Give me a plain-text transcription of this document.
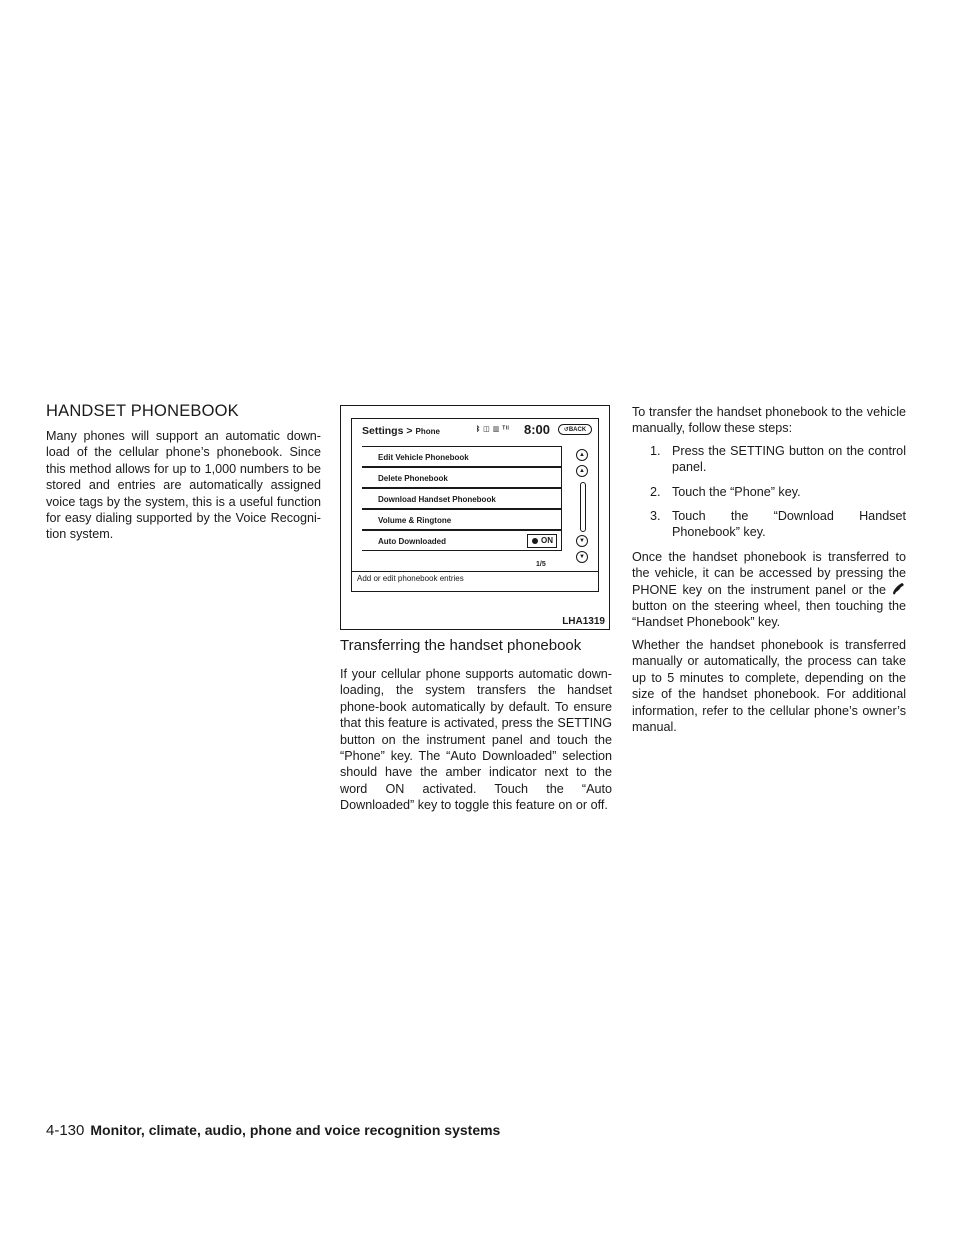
HANDSET PHONEBOOK

Many phones will support an automatic down-load of the cellular phone’s phonebook. Since this method allows for up to 1,000 numbers to be stored and entries are automatically assigned voice tags by the system, this is a useful function for easy dialing supported by the Voice Recogni-tion system.

Settings > Phone	ᛒ ◫ ▥ ᵀᴵᴵ 8:00	↺BACK
Edit Vehicle Phonebook
Delete Phonebook
Download Handset Phonebook
Volume & Ringtone
Auto Downloaded	ON
▲
▲
▼
▼
1/5
Add or edit phonebook entries
LHA1319
Transferring the handset phonebook

If your cellular phone supports automatic down-loading, the system transfers the handset phone-book automatically by default. To ensure that this feature is activated, press the SETTING button on the instrument panel and touch the “Phone” key. The “Auto Downloaded” selection should have the amber indicator next to the word ON activated. Touch the “Auto Downloaded” key to toggle this feature on or off.

To transfer the handset phonebook to the vehicle manually, follow these steps:

1. Press the SETTING button on the control panel.
2. Touch the “Phone” key.
3. Touch the “Download Handset Phonebook” key.

Once the handset phonebook is transferred to the vehicle, it can be accessed by pressing the PHONE key on the instrument panel or the button on the steering wheel, then touching the “Handset Phonebook” key.

Whether the handset phonebook is transferred manually or automatically, the process can take up to 5 minutes to complete, depending on the size of the handset phonebook. For additional information, refer to the cellular phone’s owner’s manual.

4-130 Monitor, climate, audio, phone and voice recognition systems
